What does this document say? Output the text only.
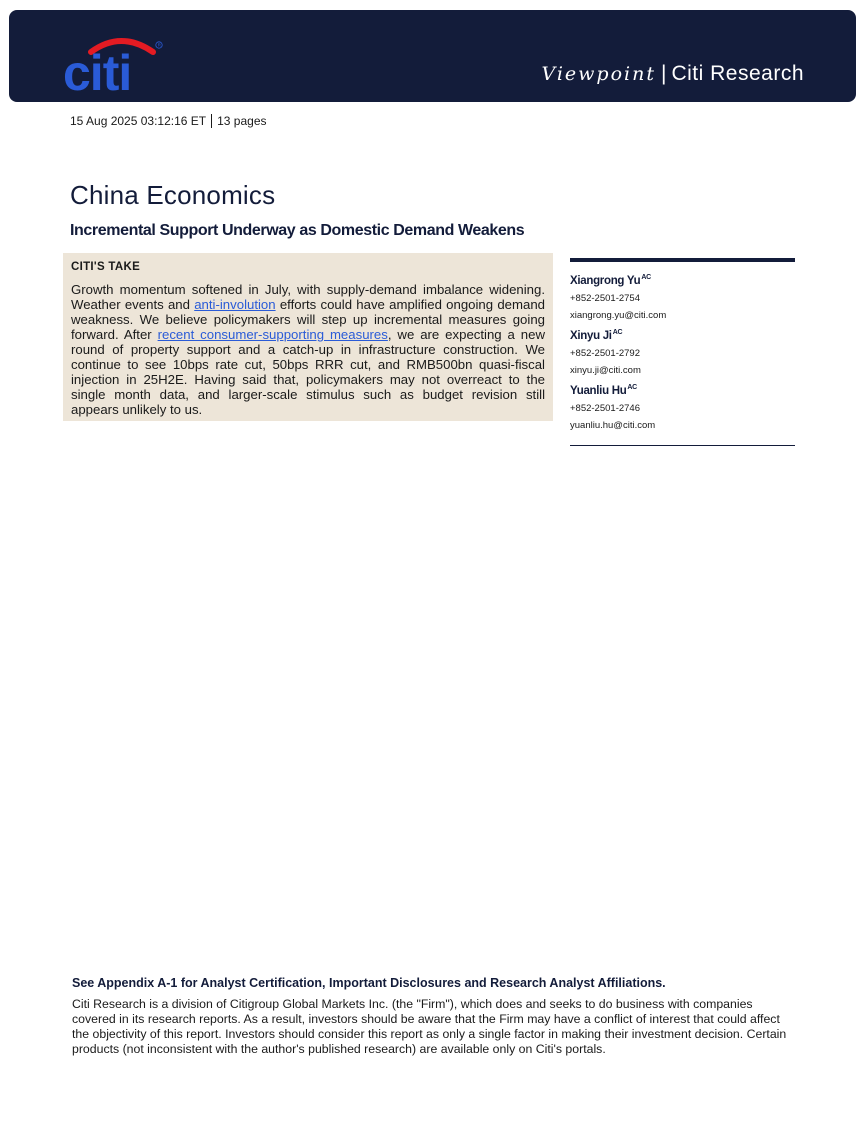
citi	R
Viewpoint | Citi Research
15 Aug 2025 03:12:16 ET 13 pages
China Economics
Incremental Support Underway as Domestic Demand Weakens
CITI'S TAKE

Growth momentum softened in July, with supply-demand imbalance widening. Weather events and anti-involution efforts could have amplified ongoing demand weakness. We believe policymakers will step up incremental measures going forward. After recent consumer-supporting measures, we are expecting a new round of property support and a catch-up in infrastructure construction. We continue to see 10bps rate cut, 50bps RRR cut, and RMB500bn quasi-fiscal injection in 25H2E. Having said that, policymakers may not overreact to the single month data, and larger-scale stimulus such as budget revision still appears unlikely to us.

Xiangrong $Yu^{AC}$
+852-2501-2754
xiangrong.yu@citi.com
Xinyu $Ji^{AC}$
+852-2501-2792
xinyu.ji@citi.com
Yuanliu $Hu^{AC}$
+852-2501-2746
yuanliu.hu@citi.com

See Appendix A-1 for Analyst Certification, Important Disclosures and Research Analyst Affiliations.

Citi Research is a division of Citigroup Global Markets Inc. (the "Firm"), which does and seeks to do business with companies covered in its research reports. As a result, investors should be aware that the Firm may have a conflict of interest that could affect the objectivity of this report. Investors should consider this report as only a single factor in making their investment decision. Certain products (not inconsistent with the author's published research) are available only on Citi's portals.
